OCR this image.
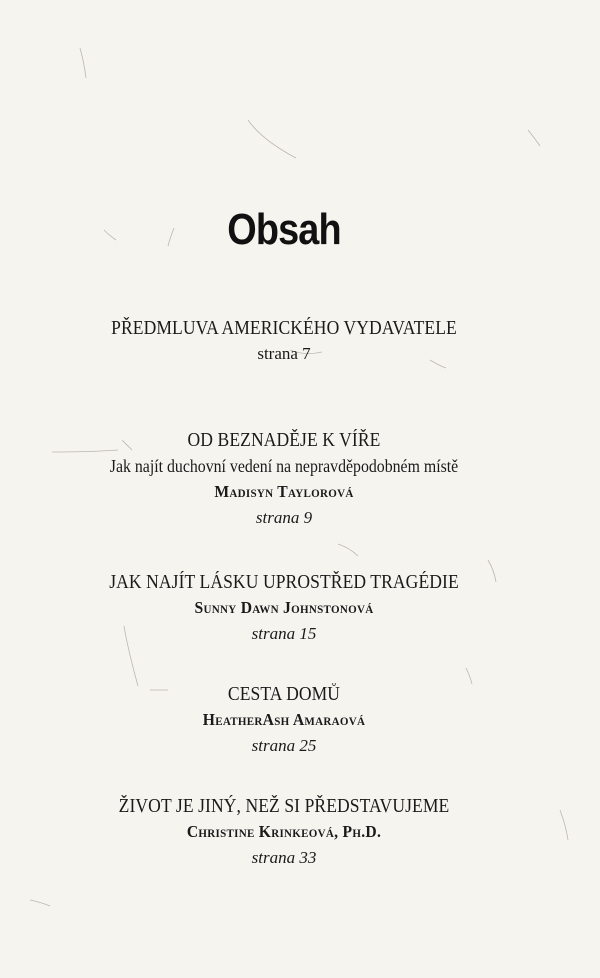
Obsah
PŘEDMLUVA AMERICKÉHO VYDAVATELE
strana 7
OD BEZNADĚJE K VÍŘE
Jak najít duchovní vedení na nepravděpodobném místě
Madisyn Taylorová
strana 9
JAK NAJÍT LÁSKU UPROSTŘED TRAGÉDIE
Sunny Dawn Johnstonová
strana 15
CESTA DOMŮ
HeatherAsh Amaraová
strana 25
ŽIVOT JE JINÝ, NEŽ SI PŘEDSTAVUJEME
Christine Krinkeová, Ph.D.
strana 33
